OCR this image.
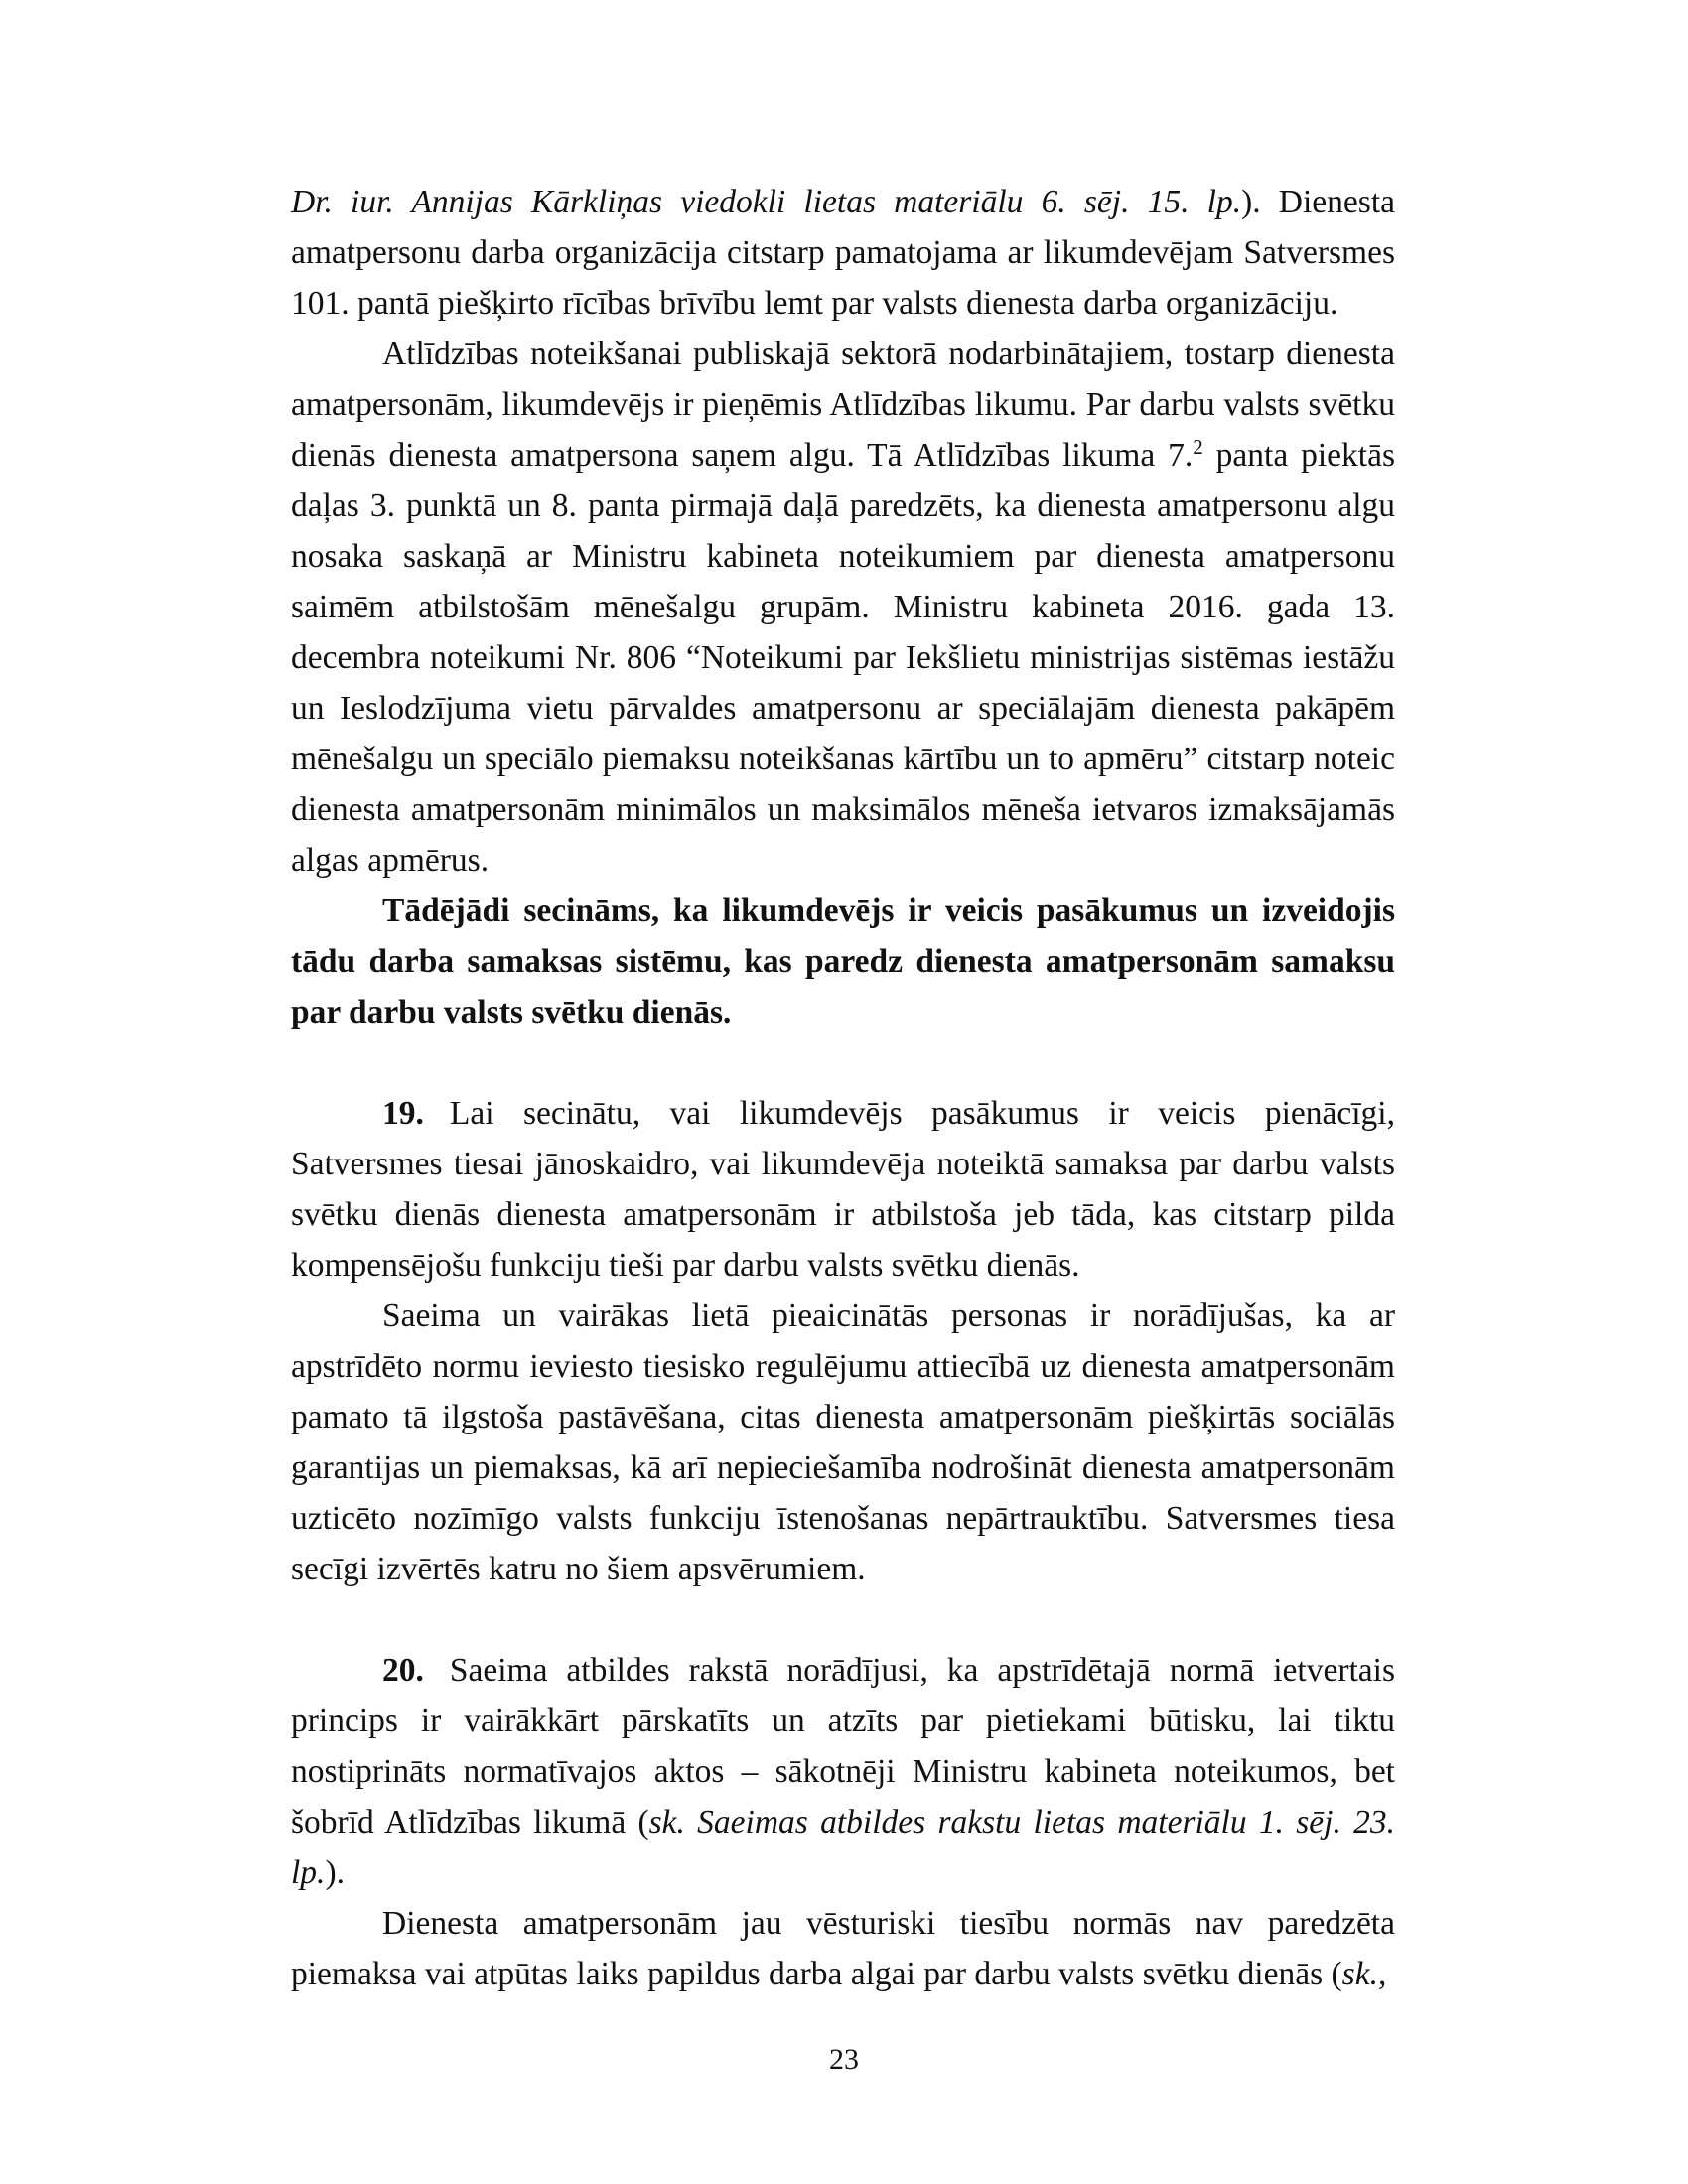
Dr. iur. Annijas Kārkliņas viedokli lietas materiālu 6. sēj. 15. lp.). Dienesta amatpersonu darba organizācija citstarp pamatojama ar likumdevējam Satversmes 101. pantā piešķirto rīcības brīvību lemt par valsts dienesta darba organizāciju.

Atlīdzības noteikšanai publiskajā sektorā nodarbinātajiem, tostarp dienesta amatpersonām, likumdevējs ir pieņēmis Atlīdzības likumu. Par darbu valsts svētku dienās dienesta amatpersona saņem algu. Tā Atlīdzības likuma 7.$^2$ panta piektās daļas 3. punktā un 8. panta pirmajā daļā paredzēts, ka dienesta amatpersonu algu nosaka saskaņā ar Ministru kabineta noteikumiem par dienesta amatpersonu saimēm atbilstošām mēnešalgu grupām. Ministru kabineta 2016. gada 13. decembra noteikumi Nr. 806 “Noteikumi par Iekšlietu ministrijas sistēmas iestāžu un Ieslodzījuma vietu pārvaldes amatpersonu ar speciālajām dienesta pakāpēm mēnešalgu un speciālo piemaksu noteikšanas kārtību un to apmēru” citstarp noteic dienesta amatpersonām minimālos un maksimālos mēneša ietvaros izmaksājamās algas apmērus.

Tādējādi secināms, ka likumdevējs ir veicis pasākumus un izveidojis tādu darba samaksas sistēmu, kas paredz dienesta amatpersonām samaksu par darbu valsts svētku dienās.

19. Lai secinātu, vai likumdevējs pasākumus ir veicis pienācīgi, Satversmes tiesai jānoskaidro, vai likumdevēja noteiktā samaksa par darbu valsts svētku dienās dienesta amatpersonām ir atbilstoša jeb tāda, kas citstarp pilda kompensējošu funkciju tieši par darbu valsts svētku dienās.

Saeima un vairākas lietā pieaicinātās personas ir norādījušas, ka ar apstrīdēto normu ieviesto tiesisko regulējumu attiecībā uz dienesta amatpersonām pamato tā ilgstoša pastāvēšana, citas dienesta amatpersonām piešķirtās sociālās garantijas un piemaksas, kā arī nepieciešamība nodrošināt dienesta amatpersonām uzticēto nozīmīgo valsts funkciju īstenošanas nepārtrauktību. Satversmes tiesa secīgi izvērtēs katru no šiem apsvērumiem.

20. Saeima atbildes rakstā norādījusi, ka apstrīdētajā normā ietvertais princips ir vairākkārt pārskatīts un atzīts par pietiekami būtisku, lai tiktu nostiprināts normatīvajos aktos – sākotnēji Ministru kabineta noteikumos, bet šobrīd Atlīdzības likumā (sk. Saeimas atbildes rakstu lietas materiālu 1. sēj. 23. lp.).

Dienesta amatpersonām jau vēsturiski tiesību normās nav paredzēta piemaksa vai atpūtas laiks papildus darba algai par darbu valsts svētku dienās (sk.,

23
